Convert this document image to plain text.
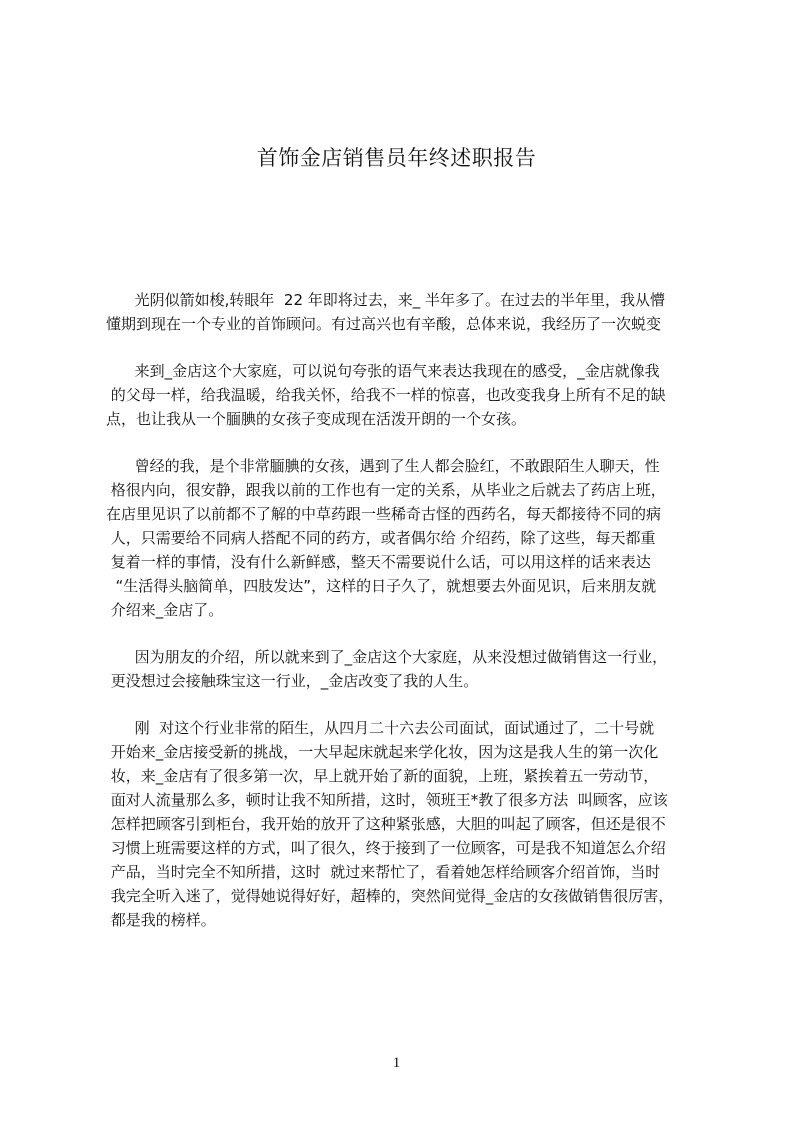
首饰金店销售员年终述职报告
光阴似箭如梭,转眼年  22 年即将过去，来_ 半年多了。在过去的半年里，我从懵
懂期到现在一个专业的首饰顾问。有过高兴也有辛酸，总体来说，我经历了一次蜕变
来到_金店这个大家庭，可以说句夸张的语气来表达我现在的感受，_金店就像我
的父母一样，给我温暖，给我关怀，给我不一样的惊喜，也改变我身上所有不足的缺
点，也让我从一个腼腆的女孩子变成现在活泼开朗的一个女孩。
曾经的我，是个非常腼腆的女孩，遇到了生人都会脸红，不敢跟陌生人聊天，性
格很内向，很安静，跟我以前的工作也有一定的关系，从毕业之后就去了药店上班，
在店里见识了以前都不了解的中草药跟一些稀奇古怪的西药名，每天都接待不同的病
人，只需要给不同病人搭配不同的药方，或者偶尔给 介绍药，除了这些，每天都重
复着一样的事情，没有什么新鲜感，整天不需要说什么话，可以用这样的话来表达
“生活得头脑简单，四肢发达”，这样的日子久了，就想要去外面见识，后来朋友就
介绍来_金店了。
因为朋友的介绍，所以就来到了_金店这个大家庭，从来没想过做销售这一行业，
更没想过会接触珠宝这一行业，_金店改变了我的人生。
刚  对这个行业非常的陌生，从四月二十六去公司面试，面试通过了，二十号就
开始来_金店接受新的挑战，一大早起床就起来学化妆，因为这是我人生的第一次化
妆，来_金店有了很多第一次，早上就开始了新的面貌，上班，紧挨着五一劳动节，
面对人流量那么多，顿时让我不知所措，这时，领班王*教了很多方法  叫顾客，应该
怎样把顾客引到柜台，我开始的放开了这种紧张感，大胆的叫起了顾客，但还是很不
习惯上班需要这样的方式，叫了很久，终于接到了一位顾客，可是我不知道怎么介绍
产品，当时完全不知所措，这时  就过来帮忙了，看着她怎样给顾客介绍首饰，当时
我完全听入迷了，觉得她说得好好，超棒的，突然间觉得_金店的女孩做销售很厉害，
都是我的榜样。
1
